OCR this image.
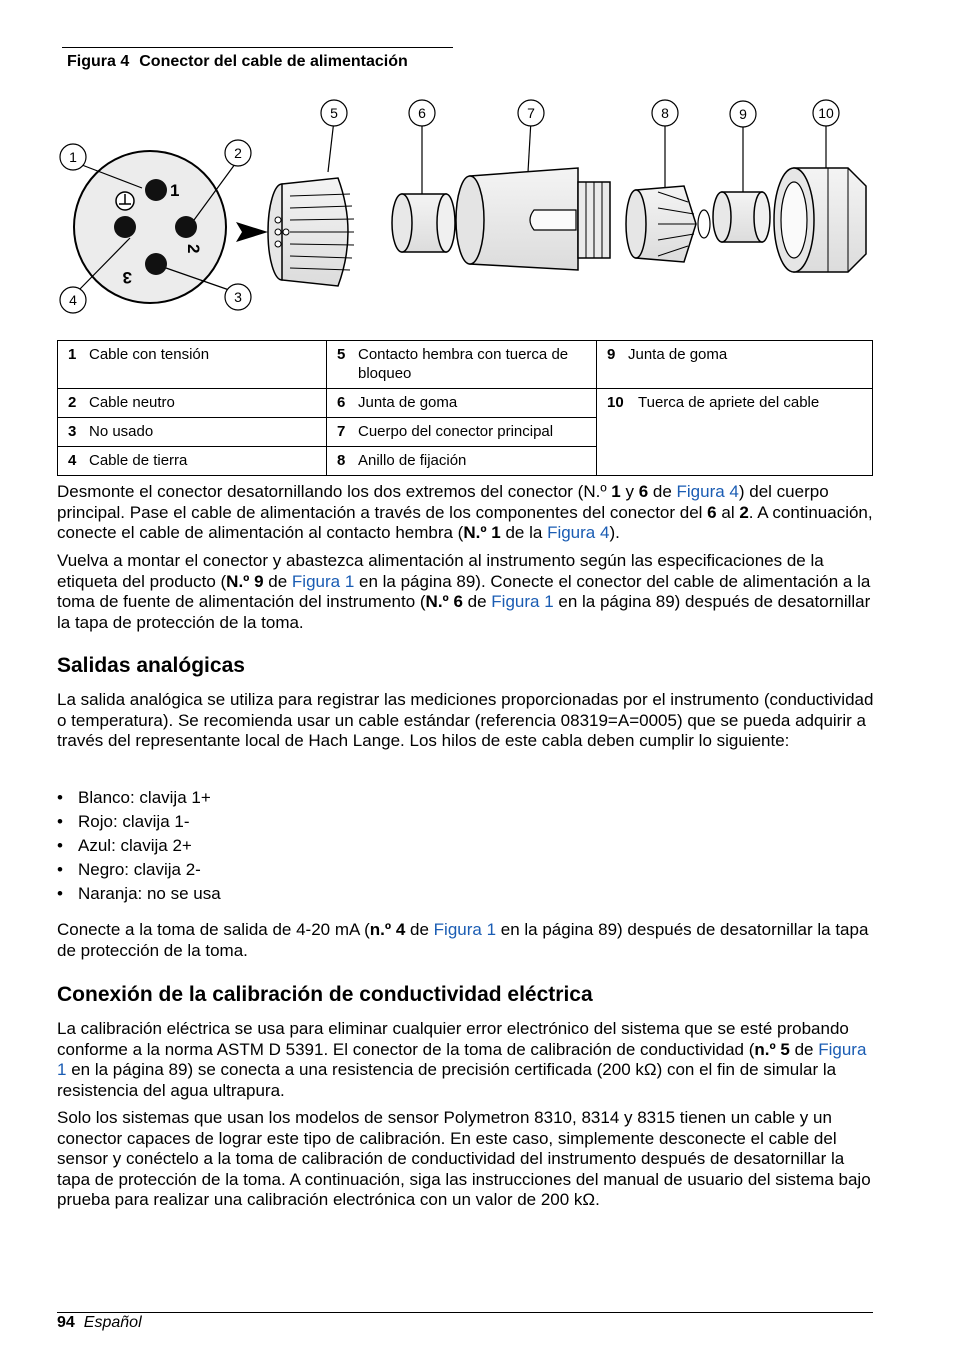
Figura 4 Conector del cable de alimentación
1
2
3
1	2
3
4
5	6	7	8	9	10
1 Cable con tensión	5 Contacto hembra con tuerca de bloqueo	9 Junta de goma

2 Cable neutro	6 Junta de goma	10 Tuerca de apriete del cable

3 No usado	7 Cuerpo del conector principal	

4 Cable de tierra	8 Anillo de fijación	

Desmonte el conector desatornillando los dos extremos del conector (N.º 1 y 6 de Figura 4) del cuerpo principal. Pase el cable de alimentación a través de los componentes del conector del 6 al 2. A continuación, conecte el cable de alimentación al contacto hembra (N.º 1 de la Figura 4).

Vuelva a montar el conector y abastezca alimentación al instrumento según las especificaciones de la etiqueta del producto (N.º 9 de Figura 1 en la página 89). Conecte el conector del cable de alimentación a la toma de fuente de alimentación del instrumento (N.º 6 de Figura 1 en la página 89) después de desatornillar la tapa de protección de la toma.

Salidas analógicas

La salida analógica se utiliza para registrar las mediciones proporcionadas por el instrumento (conductividad o temperatura). Se recomienda usar un cable estándar (referencia 08319=A=0005) que se pueda adquirir a través del representante local de Hach Lange. Los hilos de este cabla deben cumplir lo siguiente:

• Blanco: clavija 1+
• Rojo: clavija 1-
• Azul: clavija 2+
• Negro: clavija 2-
• Naranja: no se usa

Conecte a la toma de salida de 4-20 mA (n.º 4 de Figura 1 en la página 89) después de desatornillar la tapa de protección de la toma.

Conexión de la calibración de conductividad eléctrica

La calibración eléctrica se usa para eliminar cualquier error electrónico del sistema que se esté probando conforme a la norma ASTM D 5391. El conector de la toma de calibración de conductividad (n.º 5 de Figura 1 en la página 89) se conecta a una resistencia de precisión certificada (200 kΩ) con el fin de simular la resistencia del agua ultrapura.

Solo los sistemas que usan los modelos de sensor Polymetron 8310, 8314 y 8315 tienen un cable y un conector capaces de lograr este tipo de calibración. En este caso, simplemente desconecte el cable del sensor y conéctelo a la toma de calibración de conductividad del instrumento después de desatornillar la tapa de protección de la toma. A continuación, siga las instrucciones del manual de usuario del sistema bajo prueba para realizar una calibración electrónica con un valor de 200 kΩ.

94 Español
